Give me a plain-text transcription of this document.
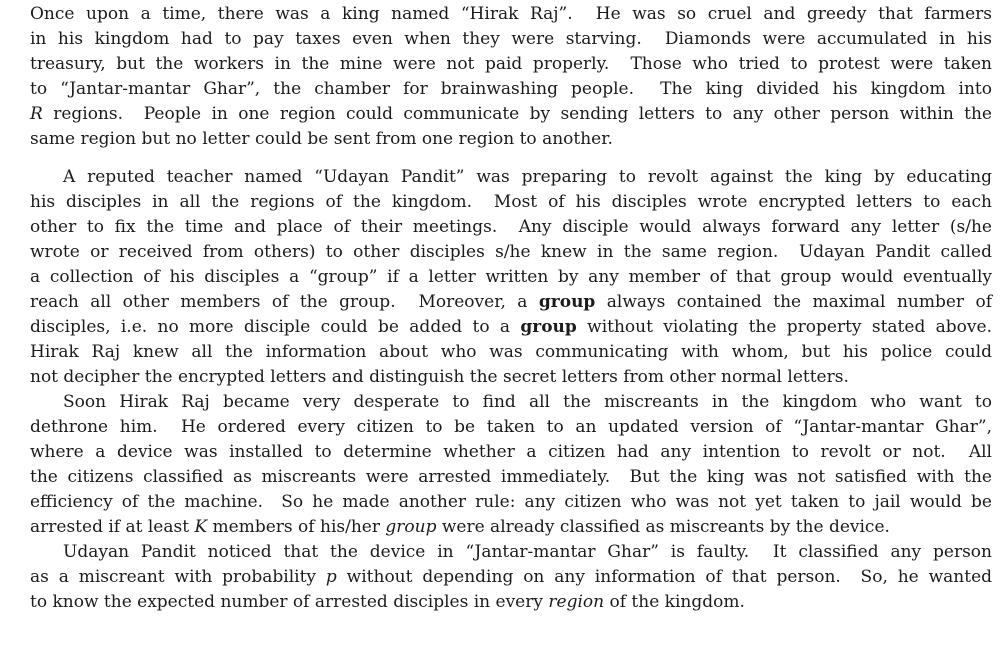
Once upon a time, there was a king named “Hirak Raj”.  He was so cruel and greedy that farmers
in his kingdom had to pay taxes even when they were starving.  Diamonds were accumulated in his
treasury, but the workers in the mine were not paid properly.  Those who tried to protest were taken
to “Jantar-mantar Ghar”, the chamber for brainwashing people.  The king divided his kingdom into
R regions.  People in one region could communicate by sending letters to any other person within the
same region but no letter could be sent from one region to another.
A reputed teacher named “Udayan Pandit” was preparing to revolt against the king by educating
his disciples in all the regions of the kingdom.  Most of his disciples wrote encrypted letters to each
other to fix the time and place of their meetings.  Any disciple would always forward any letter (s/he
wrote or received from others) to other disciples s/he knew in the same region.  Udayan Pandit called
a collection of his disciples a “group” if a letter written by any member of that group would eventually
reach all other members of the group.  Moreover, a group always contained the maximal number of
disciples, i.e. no more disciple could be added to a group without violating the property stated above.
Hirak Raj knew all the information about who was communicating with whom, but his police could
not decipher the encrypted letters and distinguish the secret letters from other normal letters.
Soon Hirak Raj became very desperate to find all the miscreants in the kingdom who want to
dethrone him.  He ordered every citizen to be taken to an updated version of “Jantar-mantar Ghar”,
where a device was installed to determine whether a citizen had any intention to revolt or not.  All
the citizens classified as miscreants were arrested immediately.  But the king was not satisfied with the
efficiency of the machine.  So he made another rule: any citizen who was not yet taken to jail would be
arrested if at least K members of his/her group were already classified as miscreants by the device.
Udayan Pandit noticed that the device in “Jantar-mantar Ghar” is faulty.  It classified any person
as a miscreant with probability p without depending on any information of that person.  So, he wanted
to know the expected number of arrested disciples in every region of the kingdom.
